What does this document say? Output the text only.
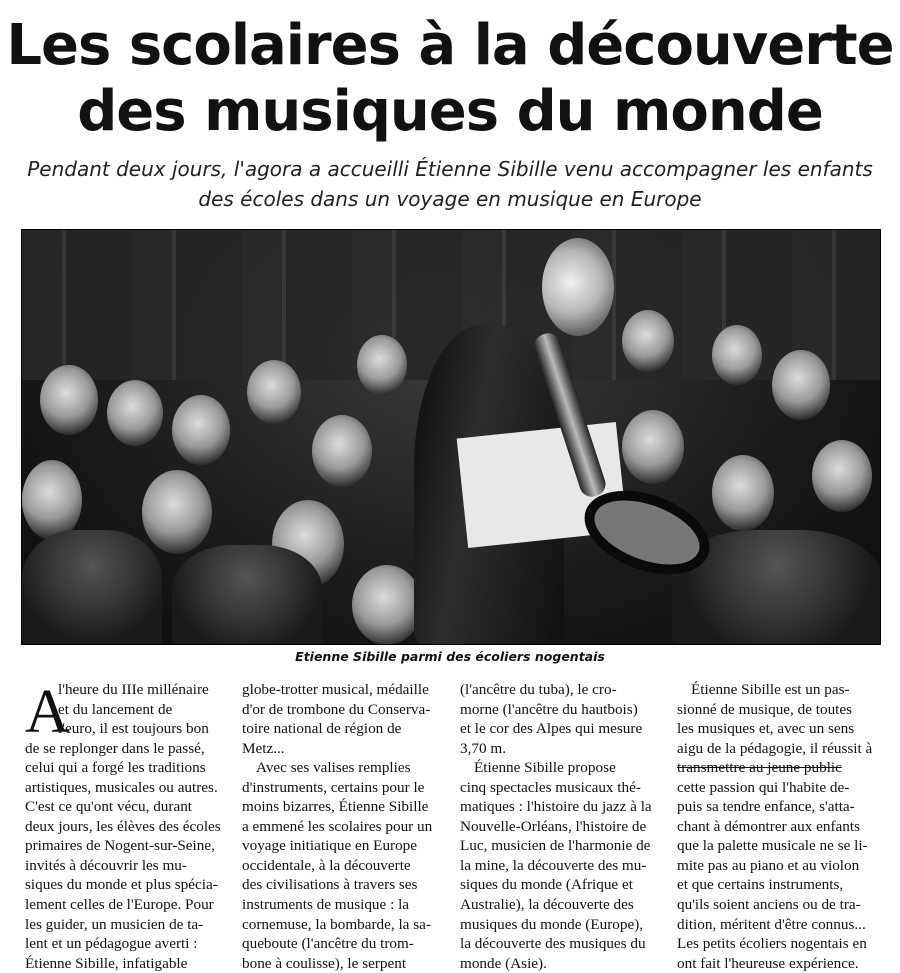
Les scolaires à la découverte
des musiques du monde
Pendant deux jours, l'agora a accueilli Étienne Sibille venu accompagner les enfants
des écoles dans un voyage en musique en Europe
Etienne Sibille parmi des écoliers nogentais
A
l'heure du IIIe millénaire
et du lancement de
l'euro, il est toujours bon
de se replonger dans le passé,
celui qui a forgé les traditions
artistiques, musicales ou autres.
C'est ce qu'ont vécu, durant
deux jours, les élèves des écoles
primaires de Nogent-sur-Seine,
invités à découvrir les mu-
siques du monde et plus spécia-
lement celles de l'Europe. Pour
les guider, un musicien de ta-
lent et un pédagogue averti :
Étienne Sibille, infatigable
globe-trotter musical, médaille
d'or de trombone du Conserva-
toire national de région de
Metz...
Avec ses valises remplies
d'instruments, certains pour le
moins bizarres, Étienne Sibille
a emmené les scolaires pour un
voyage initiatique en Europe
occidentale, à la découverte
des civilisations à travers ses
instruments de musique : la
cornemuse, la bombarde, la sa-
queboute (l'ancêtre du trom-
bone à coulisse), le serpent
(l'ancêtre du tuba), le cro-
morne (l'ancêtre du hautbois)
et le cor des Alpes qui mesure
3,70 m.
Étienne Sibille propose
cinq spectacles musicaux thé-
matiques : l'histoire du jazz à la
Nouvelle-Orléans, l'histoire de
Luc, musicien de l'harmonie de
la mine, la découverte des mu-
siques du monde (Afrique et
Australie), la découverte des
musiques du monde (Europe),
la découverte des musiques du
monde (Asie).
Étienne Sibille est un pas-
sionné de musique, de toutes
les musiques et, avec un sens
aigu de la pédagogie, il réussit à
transmettre au jeune public
cette passion qui l'habite de-
puis sa tendre enfance, s'atta-
chant à démontrer aux enfants
que la palette musicale ne se li-
mite pas au piano et au violon
et que certains instruments,
qu'ils soient anciens ou de tra-
dition, méritent d'être connus...
Les petits écoliers nogentais en
ont fait l'heureuse expérience.
